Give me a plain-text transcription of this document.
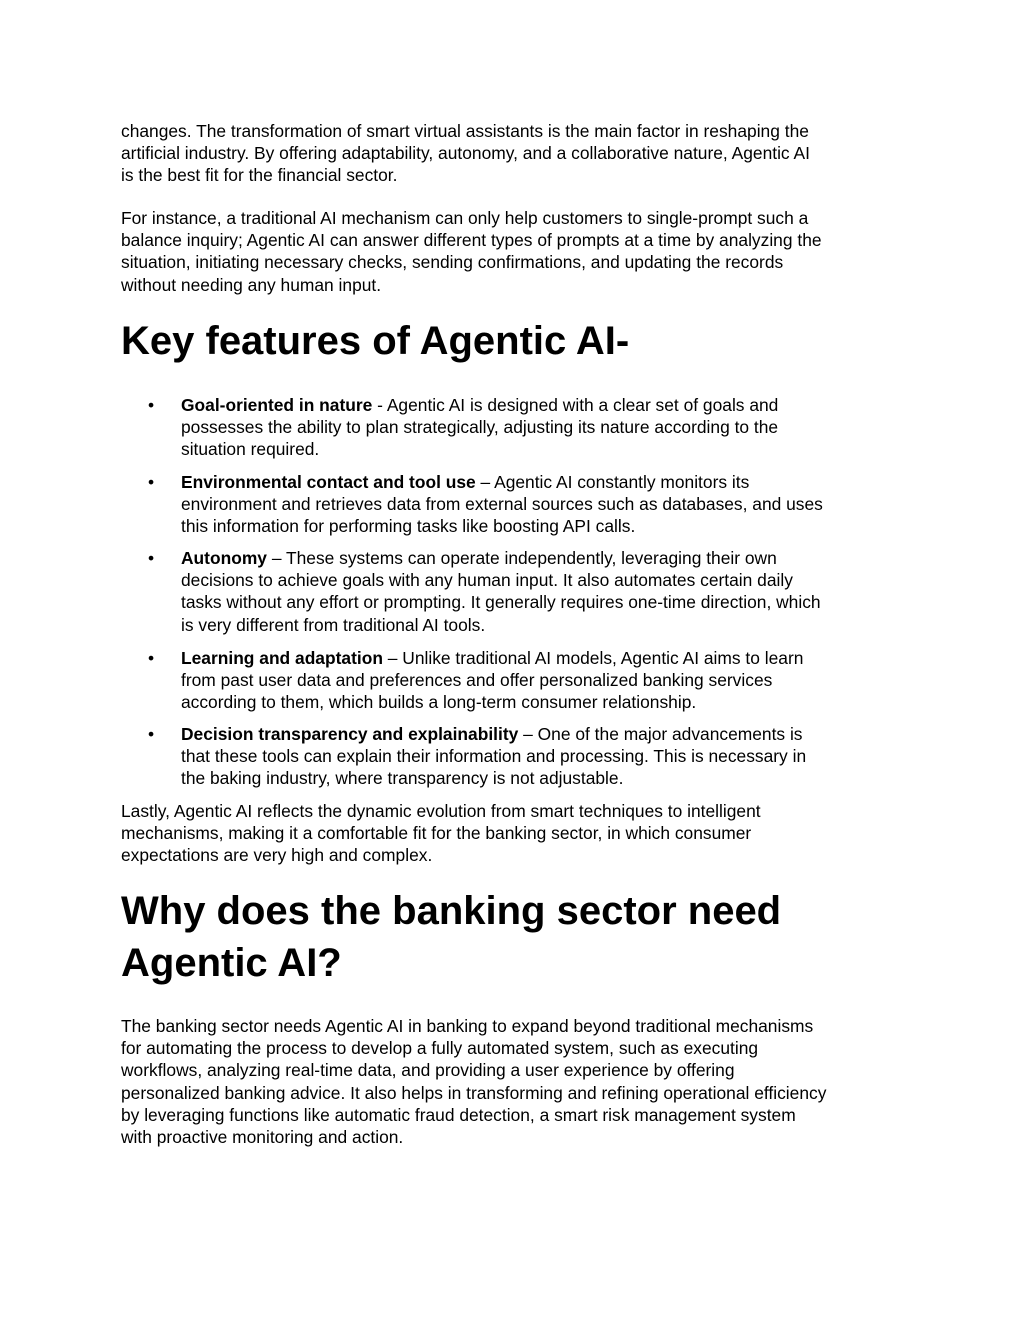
changes. The transformation of smart virtual assistants is the main factor in reshaping the
artificial industry. By offering adaptability, autonomy, and a collaborative nature, Agentic AI
is the best fit for the financial sector.
For instance, a traditional AI mechanism can only help customers to single-prompt such a
balance inquiry; Agentic AI can answer different types of prompts at a time by analyzing the
situation, initiating necessary checks, sending confirmations, and updating the records
without needing any human input.
Key features of Agentic AI-
• Goal-oriented in nature - Agentic AI is designed with a clear set of goals and
possesses the ability to plan strategically, adjusting its nature according to the
situation required.
• Environmental contact and tool use – Agentic AI constantly monitors its
environment and retrieves data from external sources such as databases, and uses
this information for performing tasks like boosting API calls.
• Autonomy – These systems can operate independently, leveraging their own
decisions to achieve goals with any human input. It also automates certain daily
tasks without any effort or prompting. It generally requires one-time direction, which
is very different from traditional AI tools.
• Learning and adaptation – Unlike traditional AI models, Agentic AI aims to learn
from past user data and preferences and offer personalized banking services
according to them, which builds a long-term consumer relationship.
• Decision transparency and explainability – One of the major advancements is
that these tools can explain their information and processing. This is necessary in
the baking industry, where transparency is not adjustable.
Lastly, Agentic AI reflects the dynamic evolution from smart techniques to intelligent
mechanisms, making it a comfortable fit for the banking sector, in which consumer
expectations are very high and complex.
Why does the banking sector need
Agentic AI?
The banking sector needs Agentic AI in banking to expand beyond traditional mechanisms
for automating the process to develop a fully automated system, such as executing
workflows, analyzing real-time data, and providing a user experience by offering
personalized banking advice. It also helps in transforming and refining operational efficiency
by leveraging functions like automatic fraud detection, a smart risk management system
with proactive monitoring and action.
